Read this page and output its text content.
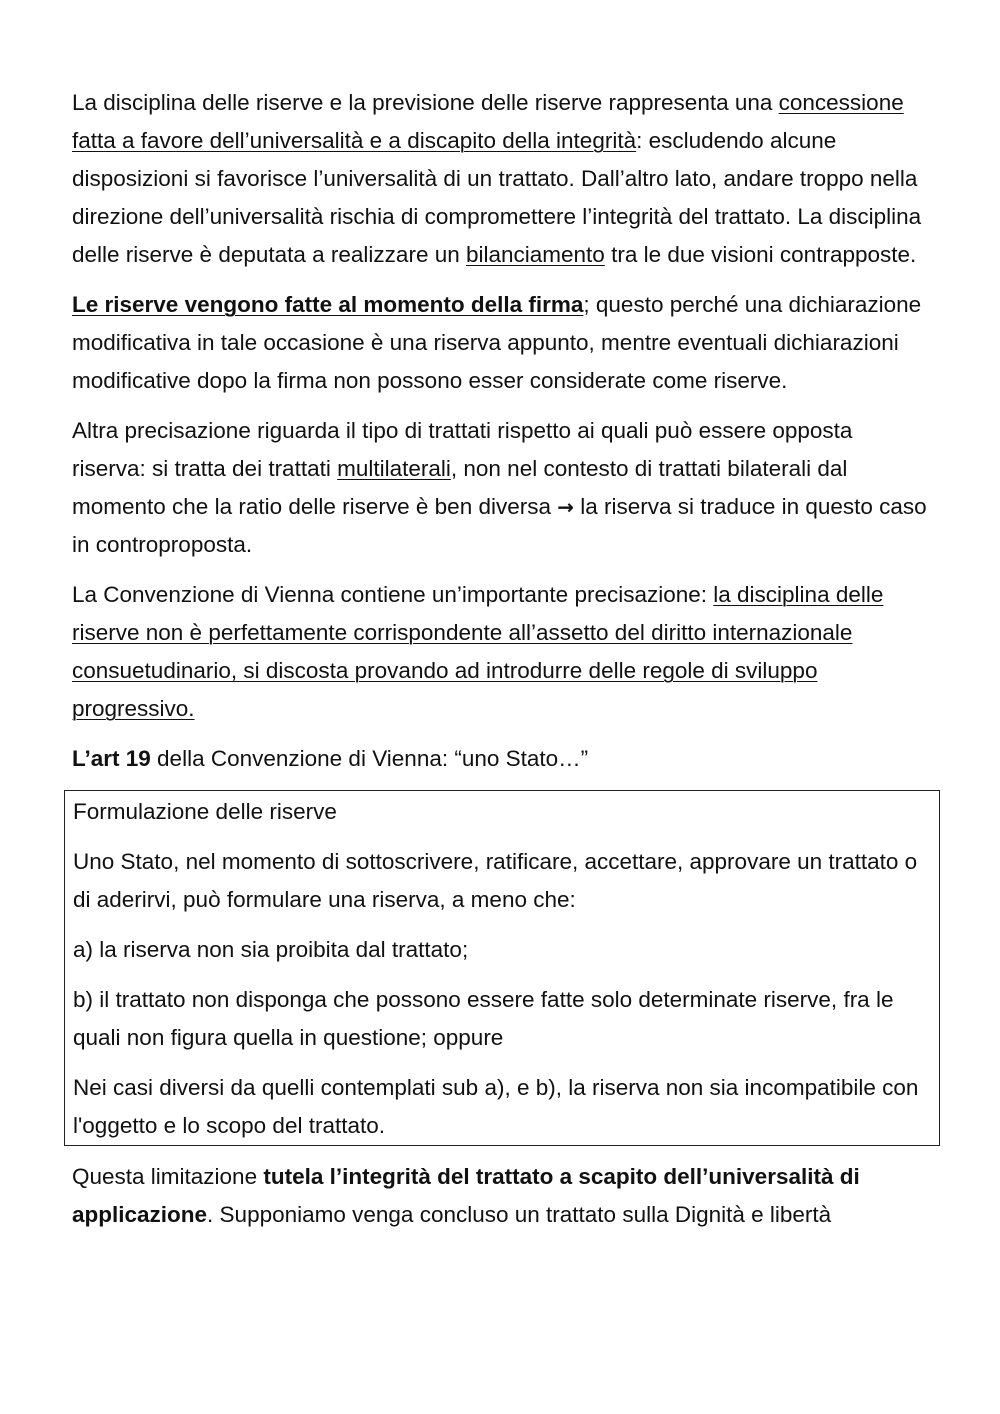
La disciplina delle riserve e la previsione delle riserve rappresenta una concessione fatta a favore dell’universalità e a discapito della integrità: escludendo alcune disposizioni si favorisce l’universalità di un trattato. Dall’altro lato, andare troppo nella direzione dell’universalità rischia di compromettere l’integrità del trattato. La disciplina delle riserve è deputata a realizzare un bilanciamento tra le due visioni contrapposte.

Le riserve vengono fatte al momento della firma; questo perché una dichiarazione modificativa in tale occasione è una riserva appunto, mentre eventuali dichiarazioni modificative dopo la firma non possono esser considerate come riserve.

Altra precisazione riguarda il tipo di trattati rispetto ai quali può essere opposta riserva: si tratta dei trattati multilaterali, non nel contesto di trattati bilaterali dal momento che la ratio delle riserve è ben diversa → la riserva si traduce in questo caso in controproposta.

La Convenzione di Vienna contiene un’importante precisazione: la disciplina delle riserve non è perfettamente corrispondente all’assetto del diritto internazionale consuetudinario, si discosta provando ad introdurre delle regole di sviluppo progressivo.

L’art 19 della Convenzione di Vienna: “uno Stato…”

Formulazione delle riserve

Uno Stato, nel momento di sottoscrivere, ratificare, accettare, approvare un trattato o di aderirvi, può formulare una riserva, a meno che:

a) la riserva non sia proibita dal trattato;

b) il trattato non disponga che possono essere fatte solo determinate riserve, fra le quali non figura quella in questione; oppure

Nei casi diversi da quelli contemplati sub a), e b), la riserva non sia incompatibile con l'oggetto e lo scopo del trattato.

Questa limitazione tutela l’integrità del trattato a scapito dell’universalità di applicazione. Supponiamo venga concluso un trattato sulla Dignità e libertà
